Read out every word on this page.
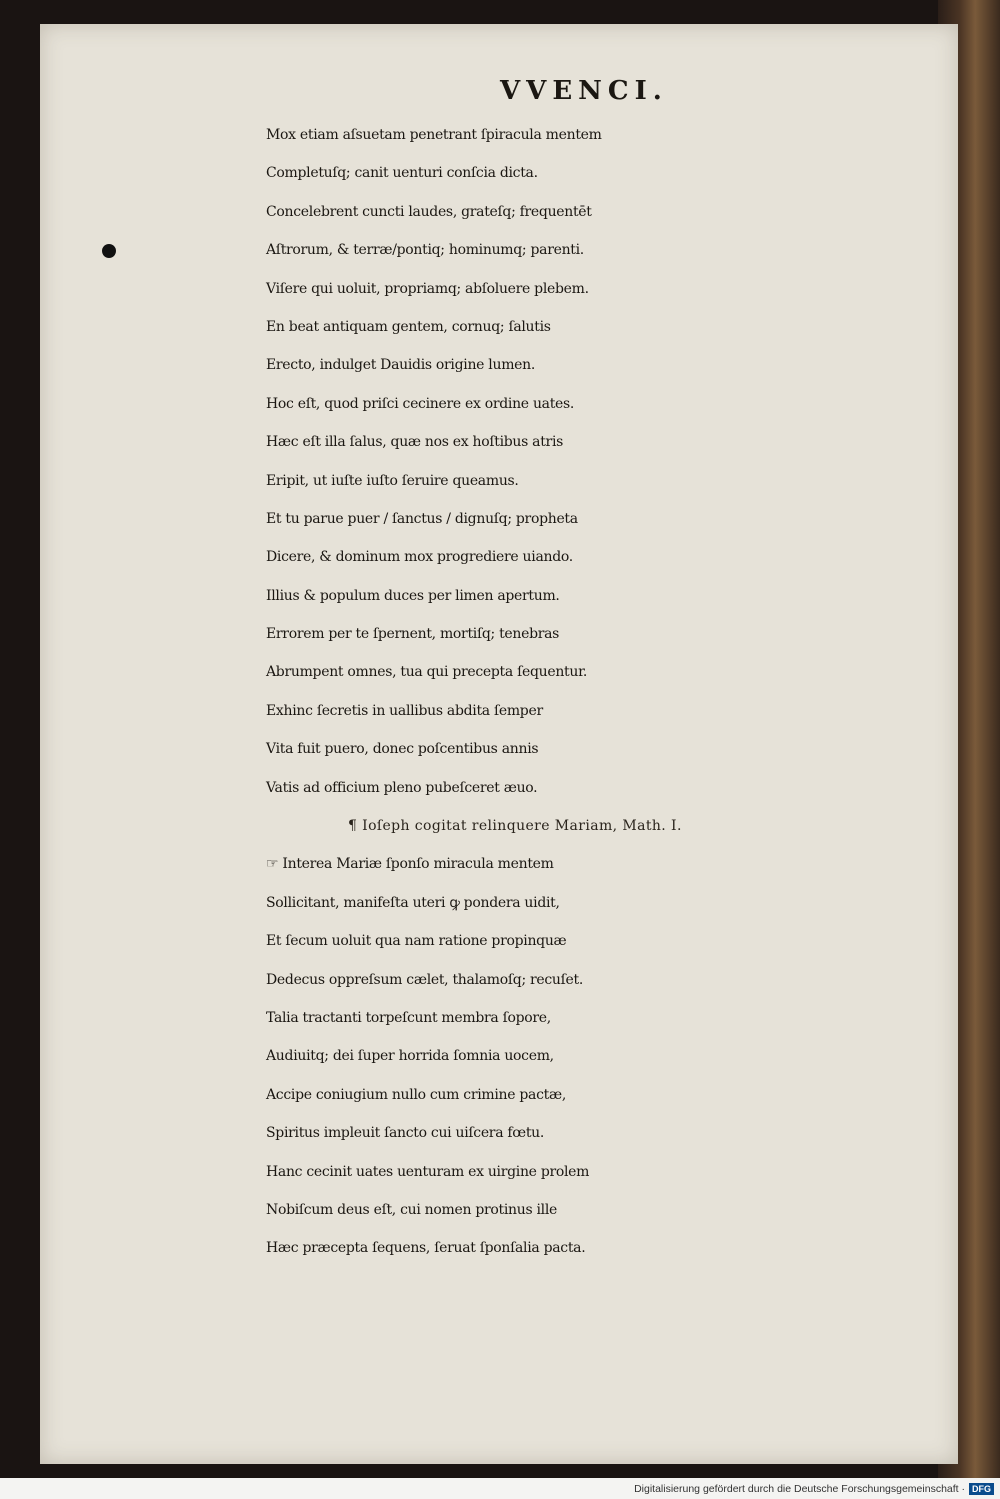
VVENCI.
Mox etiam aſsuetam penetrant ſpiracula mentem
Completuſq; canit uenturi conſcia dicta.
Concelebrent cuncti laudes, grateſq; frequentēt
Aſtrorum, & terræ/pontiq; hominumq; parenti.
Viſere qui uoluit, propriamq; abſoluere plebem.
En beat antiquam gentem, cornuq; ſalutis
Erecto, indulget Dauidis origine lumen.
Hoc eſt, quod priſci cecinere ex ordine uates.
Hæc eſt illa ſalus, quæ nos ex hoſtibus atris
Eripit, ut iuſte iuſto ſeruire queamus.
Et tu parue puer / ſanctus / dignuſq; propheta
Dicere, & dominum mox progrediere uiando.
Illius & populum duces per limen apertum.
Errorem per te ſpernent, mortiſq; tenebras
Abrumpent omnes, tua qui precepta ſequentur.
Exhinc ſecretis in uallibus abdita ſemper
Vita fuit puero, donec poſcentibus annis
Vatis ad officium pleno pubeſceret æuo.
¶ Ioſeph cogitat relinquere Mariam, Math. I.
☞ Interea Mariæ ſponſo miracula mentem
Sollicitant, manifeſta uteri ꝙ pondera uidit,
Et ſecum uoluit qua nam ratione propinquæ
Dedecus oppreſsum cælet, thalamoſq; recuſet.
Talia tractanti torpeſcunt membra ſopore,
Audiuitq; dei ſuper horrida ſomnia uocem,
Accipe coniugium nullo cum crimine pactæ,
Spiritus impleuit ſancto cui uiſcera fœtu.
Hanc cecinit uates uenturam ex uirgine prolem
Nobiſcum deus eſt, cui nomen protinus ille
Hæc præcepta ſequens, ſeruat ſponſalia pacta.
Digitalisierung gefördert durch die Deutsche Forschungsgemeinschaft · DFG
